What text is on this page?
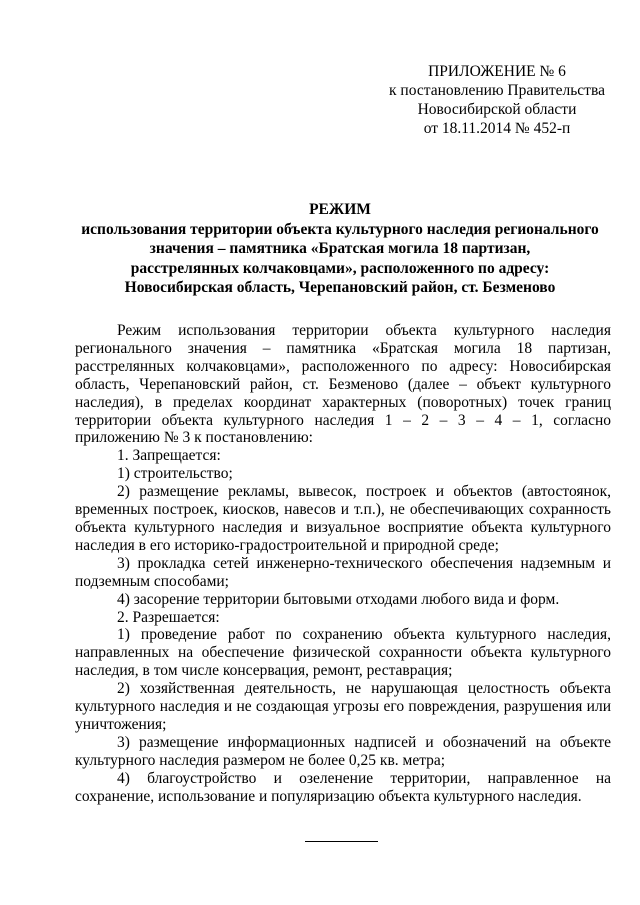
ПРИЛОЖЕНИЕ № 6
к постановлению Правительства
Новосибирской области
от 18.11.2014 № 452-п
РЕЖИМ
использования территории объекта культурного наследия регионального
значения – памятника «Братская могила 18 партизан,
расстрелянных колчаковцами», расположенного по адресу:
Новосибирская область, Черепановский район, ст. Безменово

Режим использования территории объекта культурного наследия регионального значения – памятника «Братская могила 18 партизан, расстрелянных колчаковцами», расположенного по адресу: Новосибирская область, Черепановский район, ст. Безменово (далее – объект культурного наследия), в пределах координат характерных (поворотных) точек границ территории объекта культурного наследия 1 – 2 – 3 – 4 – 1, согласно приложению № 3 к постановлению:

1. Запрещается:

1) строительство;

2) размещение рекламы, вывесок, построек и объектов (автостоянок, временных построек, киосков, навесов и т.п.), не обеспечивающих сохранность объекта культурного наследия и визуальное восприятие объекта культурного наследия в его историко-градостроительной и природной среде;

3) прокладка сетей инженерно-технического обеспечения надземным и подземным способами;

4) засорение территории бытовыми отходами любого вида и форм.

2. Разрешается:

1) проведение работ по сохранению объекта культурного наследия, направленных на обеспечение физической сохранности объекта культурного наследия, в том числе консервация, ремонт, реставрация;

2) хозяйственная деятельность, не нарушающая целостность объекта культурного наследия и не создающая угрозы его повреждения, разрушения или уничтожения;

3) размещение информационных надписей и обозначений на объекте культурного наследия размером не более 0,25 кв. метра;

4) благоустройство и озеленение территории, направленное на сохранение, использование и популяризацию объекта культурного наследия.
